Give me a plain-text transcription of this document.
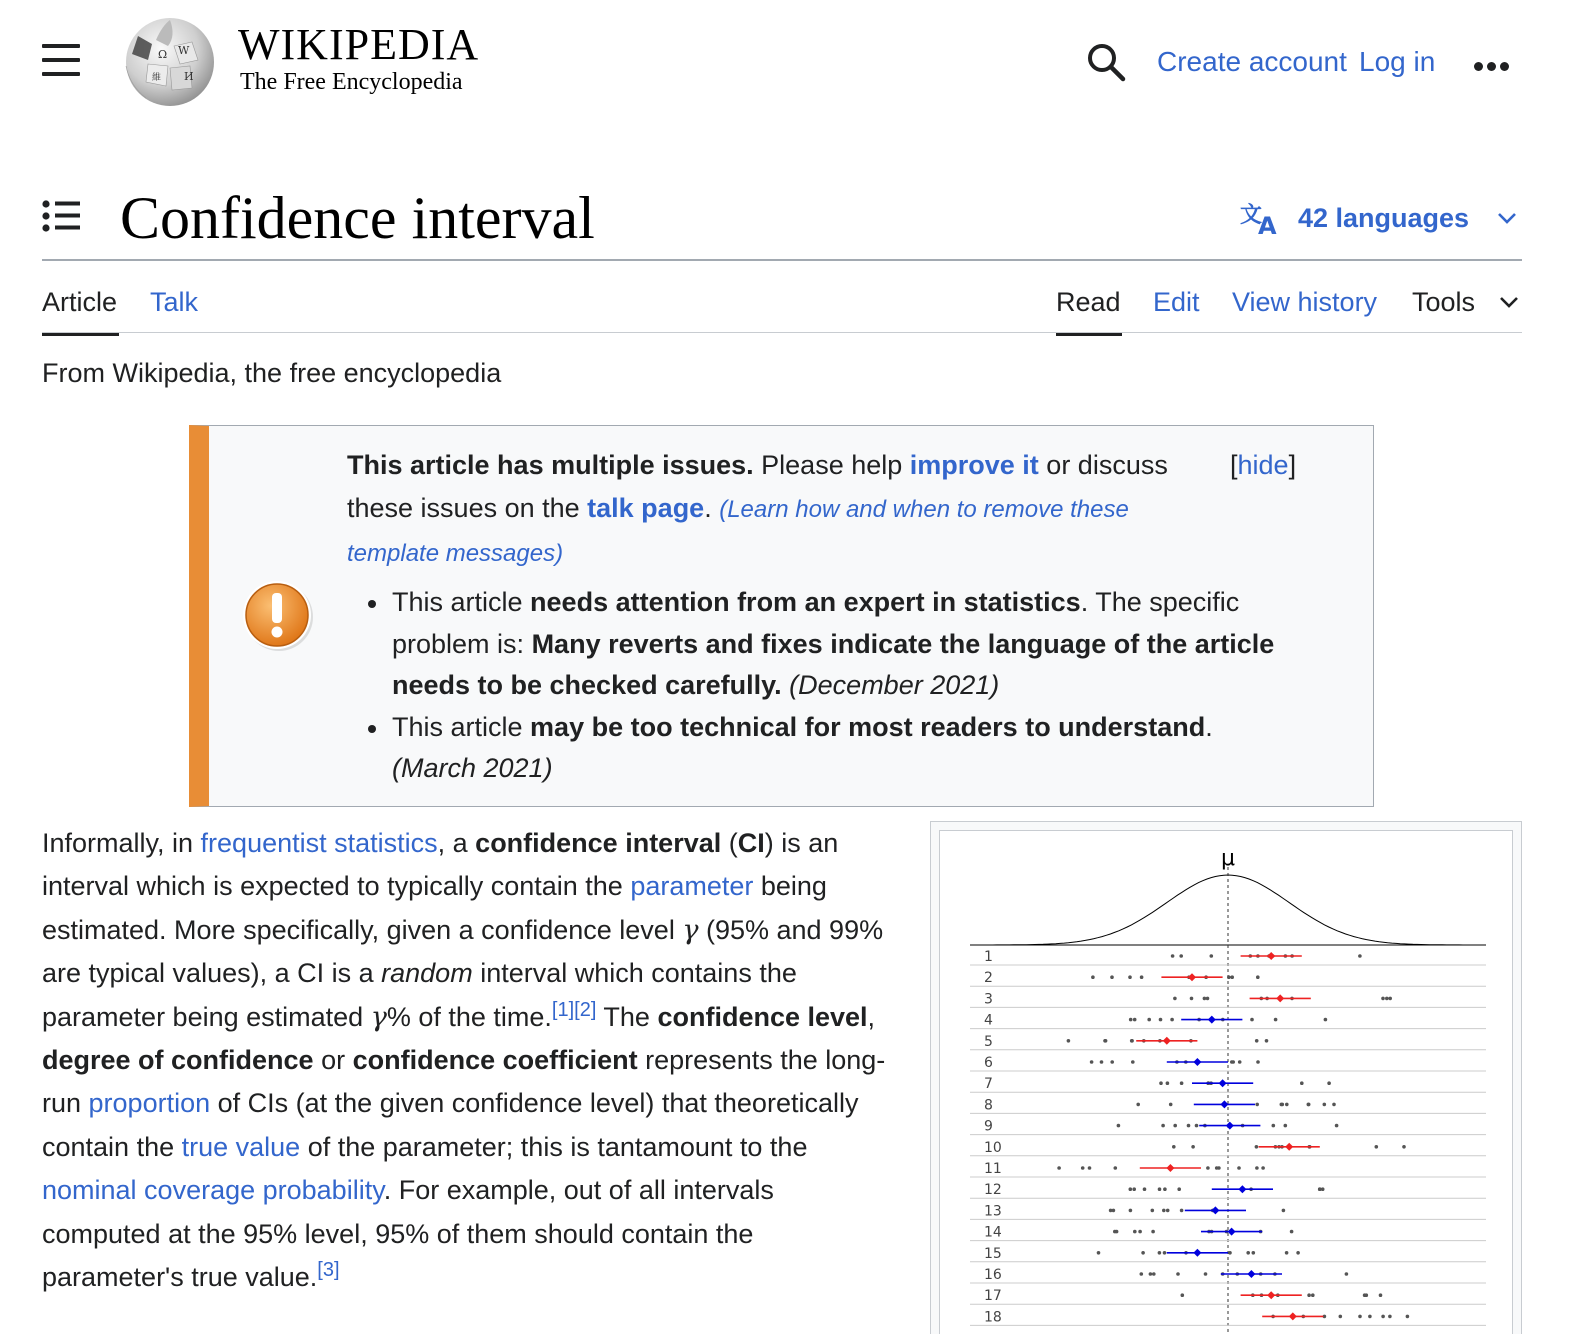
Ω W
И
維
WIKIPEDIA
The Free Encyclopedia
Create account Log in
Confidence interval	文
A 42 languages
Article Talk	Read Edit View history Tools
From Wikipedia, the free encyclopedia
This article has multiple issues. Please help improve it or discuss these issues on the talk page. (Learn how and when to remove these template messages)
[hide]
This article needs attention from an expert in statistics. The specific problem is: Many reverts and fixes indicate the language of the article needs to be checked carefully. (December 2021)
This article may be too technical for most readers to understand.
(March 2021)

Informally, in frequentist statistics, a confidence interval (CI) is an interval which is expected to typically contain the parameter being estimated. More specifically, given a confidence level γ (95% and 99% are typical values), a CI is a random interval which contains the parameter being estimated γ% of the time.[1][2] The confidence level, degree of confidence or confidence coefficient represents the long-run proportion of CIs (at the given confidence level) that theoretically contain the true value of the parameter; this is tantamount to the nominal coverage probability. For example, out of all intervals computed at the 95% level, 95% of them should contain the parameter's true value.[3]

μ
1
2
3
4
5
6
7
8
9
10
11
12
13
14
15
16
17
18
